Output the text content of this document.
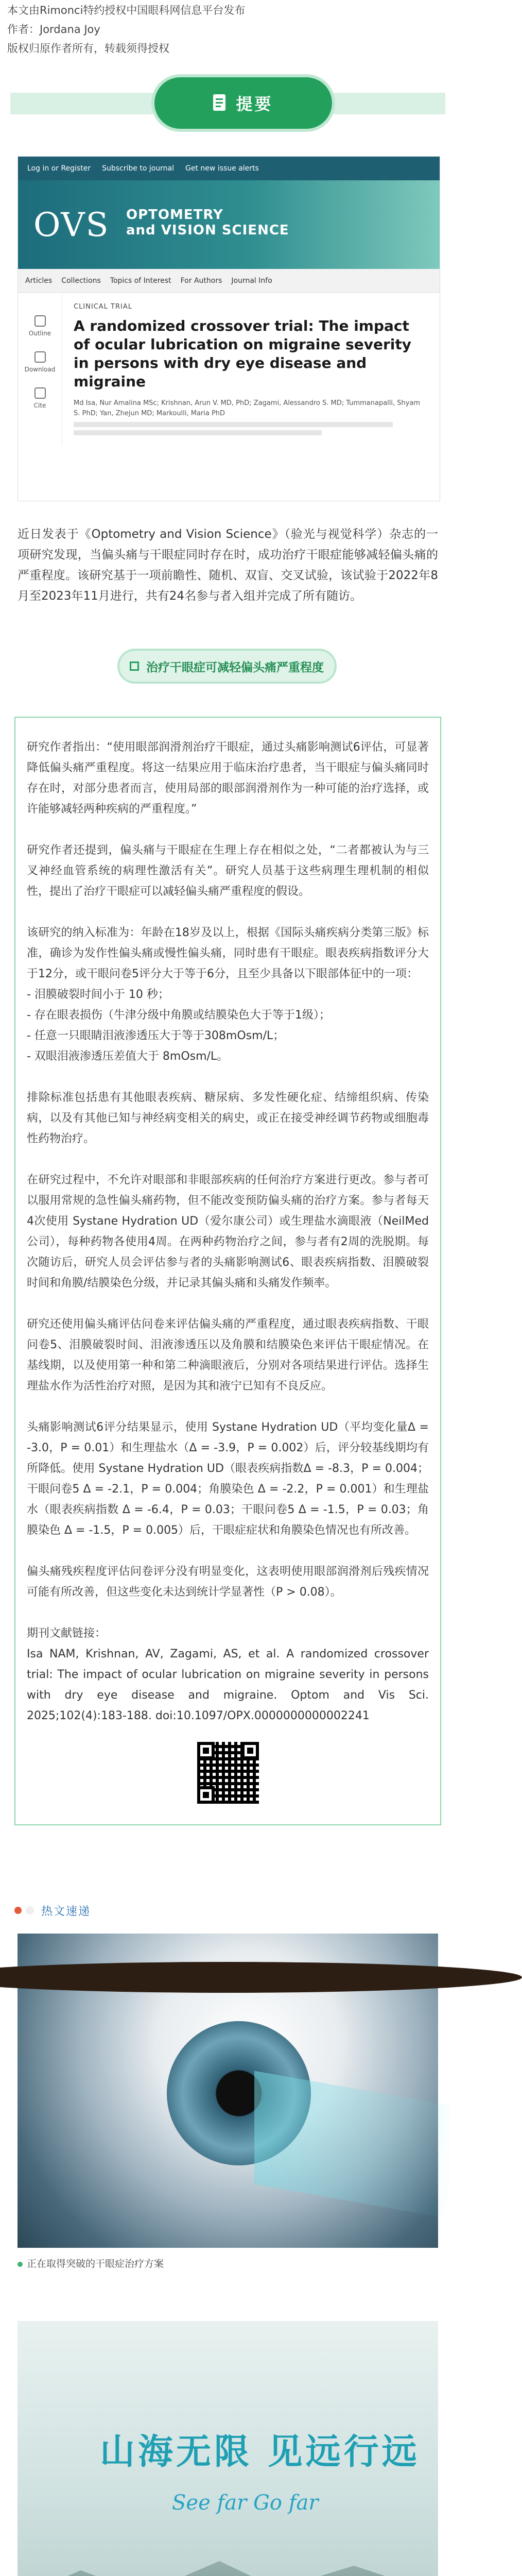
本文由Rimonci特约授权中国眼科网信息平台发布

作者：Jordana Joy

版权归原作者所有，转载须得授权

提要
Log in or Register Subscribe to journal Get new issue alerts
OVS OPTOMETRY
and VISION SCIENCE
Articles Collections Topics of Interest For Authors Journal Info
Outline
Download
Cite
CLINICAL TRIAL
A randomized crossover trial: The impact of ocular lubrication on migraine severity in persons with dry eye disease and migraine
Md Isa, Nur Amalina MSc; Krishnan, Arun V. MD, PhD; Zagami, Alessandro S. MD; Tummanapalli, Shyam S. PhD; Yan, Zhejun MD; Markoulli, Maria PhD

近日发表于《Optometry and Vision Science》（验光与视觉科学）杂志的一项研究发现，当偏头痛与干眼症同时存在时，成功治疗干眼症能够减轻偏头痛的严重程度。该研究基于一项前瞻性、随机、双盲、交叉试验，该试验于2022年8月至2023年11月进行，共有24名参与者入组并完成了所有随访。

治疗干眼症可减轻偏头痛严重程度

研究作者指出：“使用眼部润滑剂治疗干眼症，通过头痛影响测试6评估，可显著降低偏头痛严重程度。将这一结果应用于临床治疗患者，当干眼症与偏头痛同时存在时，对部分患者而言，使用局部的眼部润滑剂作为一种可能的治疗选择，或许能够减轻两种疾病的严重程度。”

研究作者还提到，偏头痛与干眼症在生理上存在相似之处，“二者都被认为与三叉神经血管系统的病理性激活有关”。研究人员基于这些病理生理机制的相似性，提出了治疗干眼症可以减轻偏头痛严重程度的假设。

该研究的纳入标准为：年龄在18岁及以上，根据《国际头痛疾病分类第三版》标准，确诊为发作性偏头痛或慢性偏头痛，同时患有干眼症。眼表疾病指数评分大于12分，或干眼问卷5评分大于等于6分，且至少具备以下眼部体征中的一项：

- 泪膜破裂时间小于 10 秒；

- 存在眼表损伤（牛津分级中角膜或结膜染色大于等于1级）；

- 任意一只眼睛泪液渗透压大于等于308mOsm/L；

- 双眼泪液渗透压差值大于 8mOsm/L。

排除标准包括患有其他眼表疾病、糖尿病、多发性硬化症、结缔组织病、传染病，以及有其他已知与神经病变相关的病史，或正在接受神经调节药物或细胞毒性药物治疗。

在研究过程中，不允许对眼部和非眼部疾病的任何治疗方案进行更改。参与者可以服用常规的急性偏头痛药物，但不能改变预防偏头痛的治疗方案。参与者每天4次使用 Systane Hydration UD（爱尔康公司）或生理盐水滴眼液（NeilMed公司），每种药物各使用4周。在两种药物治疗之间，参与者有2周的洗脱期。每次随访后，研究人员会评估参与者的头痛影响测试6、眼表疾病指数、泪膜破裂时间和角膜/结膜染色分级，并记录其偏头痛和头痛发作频率。

研究还使用偏头痛评估问卷来评估偏头痛的严重程度，通过眼表疾病指数、干眼问卷5、泪膜破裂时间、泪液渗透压以及角膜和结膜染色来评估干眼症情况。在基线期，以及使用第一种和第二种滴眼液后，分别对各项结果进行评估。选择生理盐水作为活性治疗对照，是因为其和液宁已知有不良反应。

头痛影响测试6评分结果显示，使用 Systane Hydration UD（平均变化量Δ = -3.0，P = 0.01）和生理盐水（Δ = -3.9，P = 0.002）后，评分较基线期均有所降低。使用 Systane Hydration UD（眼表疾病指数Δ = -8.3，P = 0.004；干眼问卷5 Δ = -2.1，P = 0.004；角膜染色 Δ = -2.2，P = 0.001）和生理盐水（眼表疾病指数 Δ = -6.4，P = 0.03；干眼问卷5 Δ = -1.5，P = 0.03；角膜染色 Δ = -1.5，P = 0.005）后，干眼症症状和角膜染色情况也有所改善。

偏头痛残疾程度评估问卷评分没有明显变化，这表明使用眼部润滑剂后残疾情况可能有所改善，但这些变化未达到统计学显著性（P > 0.08）。

期刊文献链接：

Isa NAM, Krishnan, AV, Zagami, AS, et al. A randomized crossover trial: The impact of ocular lubrication on migraine severity in persons with dry eye disease and migraine. Optom and Vis Sci. 2025;102(4):183-188. doi:10.1097/OPX.0000000000002241

热文速递
正在取得突破的干眼症治疗方案
山海无限 见远行远
See far Go far
